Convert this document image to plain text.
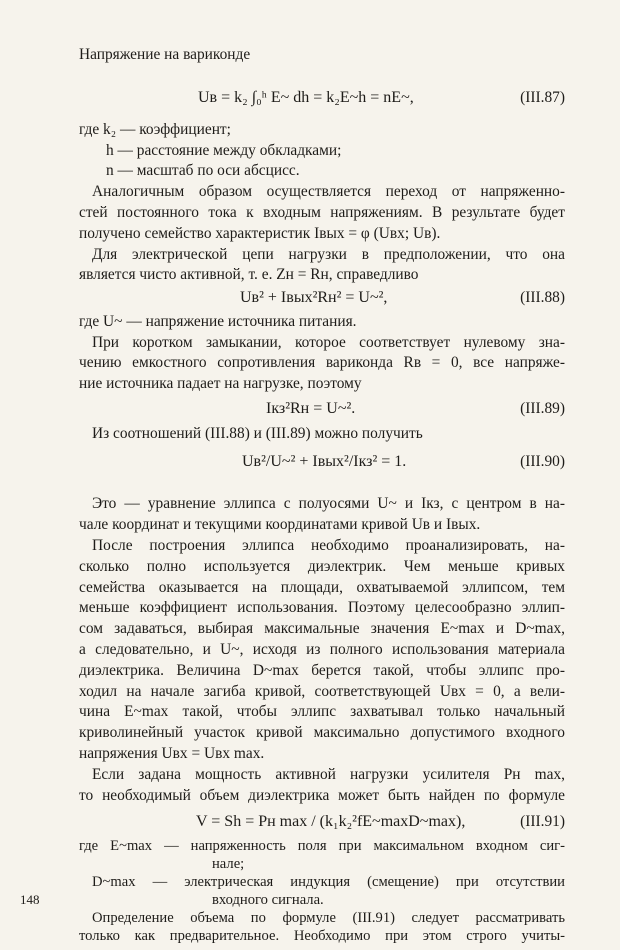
Напряжение на вариконде
Uв = k₂ ∫₀ʰ E~ dh = k₂E~h = nE~,	(III.87)
где k₂ — коэффициент;
h — расстояние между обкладками;
n — масштаб по оси абсцисс.
Аналогичным образом осуществляется переход от напряженно-
стей постоянного тока к входным напряжениям. В результате будет
получено семейство характеристик Iвых = φ (Uвх; Uв).
Для электрической цепи нагрузки в предположении, что она
является чисто активной, т. е. Zн = Rн, справедливо
Uв² + Iвых²Rн² = U~²,	(III.88)
где U~ — напряжение источника питания.
При коротком замыкании, которое соответствует нулевому зна-
чению емкостного сопротивления вариконда Rв = 0, все напряже-
ние источника падает на нагрузке, поэтому
Iкз²Rн = U~².	(III.89)
Из соотношений (III.88) и (III.89) можно получить
Uв²/U~² + Iвых²/Iкз² = 1.	(III.90)
Это — уравнение эллипса с полуосями U~ и Iкз, с центром в на-
чале координат и текущими координатами кривой Uв и Iвых.
После построения эллипса необходимо проанализировать, на-
сколько полно используется диэлектрик. Чем меньше кривых
семейства оказывается на площади, охватываемой эллипсом, тем
меньше коэффициент использования. Поэтому целесообразно эллип-
сом задаваться, выбирая максимальные значения E~max и D~max,
а следовательно, и U~, исходя из полного использования материала
диэлектрика. Величина D~max берется такой, чтобы эллипс про-
ходил на начале загиба кривой, соответствующей Uвх = 0, а вели-
чина E~max такой, чтобы эллипс захватывал только начальный
криволинейный участок кривой максимально допустимого входного
напряжения Uвх = Uвх max.
Если задана мощность активной нагрузки усилителя Pн max,
то необходимый объем диэлектрика может быть найден по формуле
V = Sh = Pн max / (k₁k₂²fE~maxD~max),	(III.91)
148
где E~max — напряженность поля при максимальном входном сиг-
нале;
D~max — электрическая индукция (смещение) при отсутствии
входного сигнала.
Определение объема по формуле (III.91) следует рассматривать
только как предварительное. Необходимо при этом строго учиты-
